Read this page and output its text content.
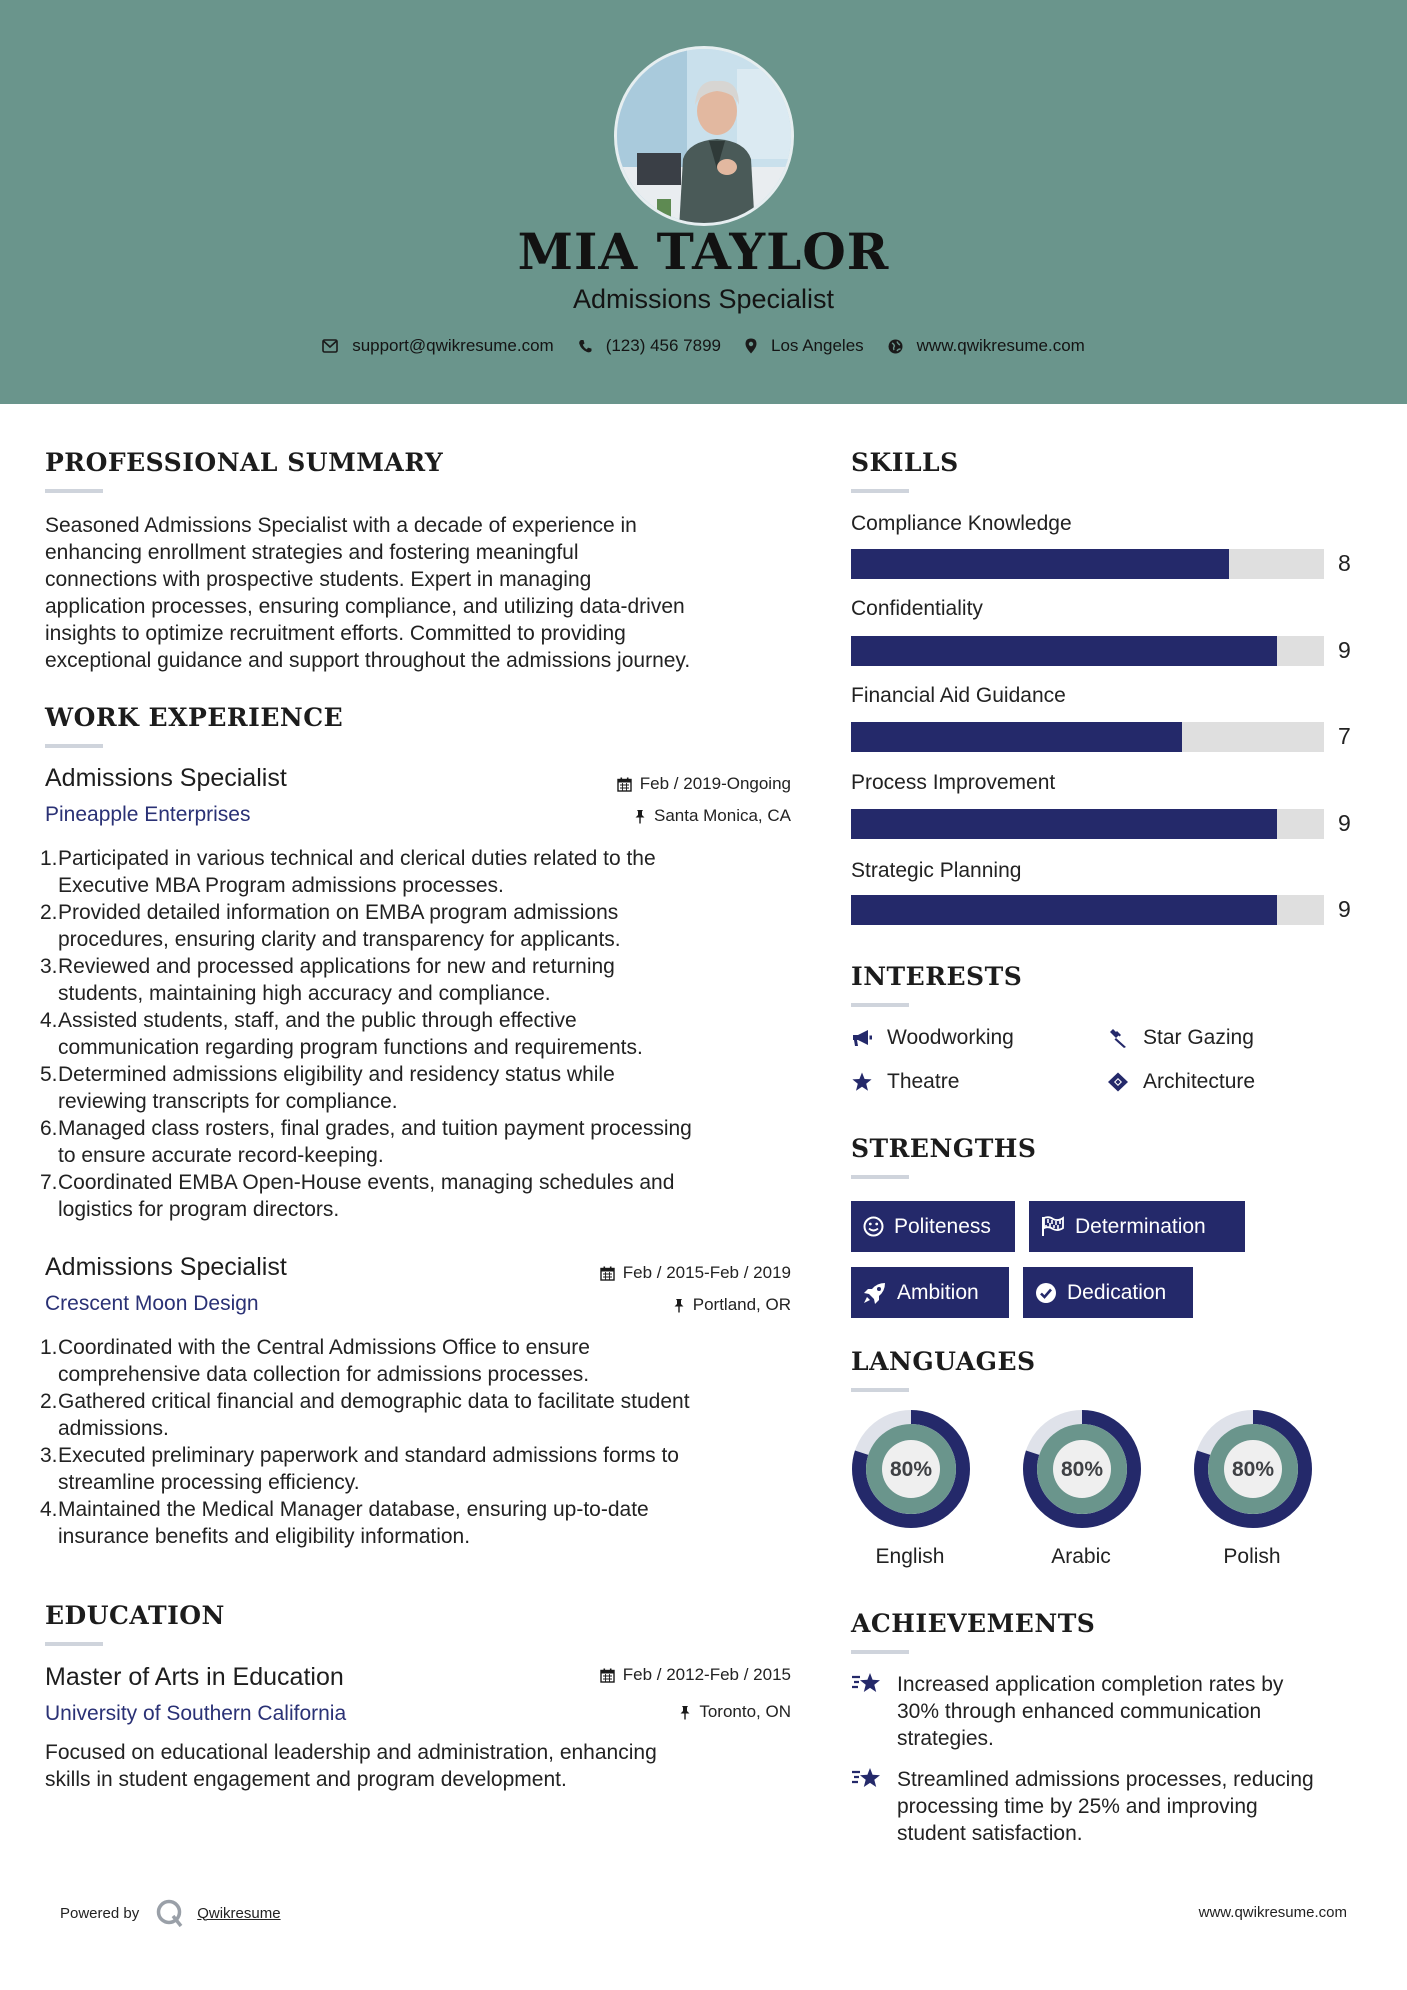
MIA TAYLOR
Admissions Specialist
support@qwikresume.com	(123) 456 7899	Los Angeles	www.qwikresume.com
PROFESSIONAL SUMMARY
Seasoned Admissions Specialist with a decade of experience in
enhancing enrollment strategies and fostering meaningful
connections with prospective students. Expert in managing
application processes, ensuring compliance, and utilizing data-driven
insights to optimize recruitment efforts. Committed to providing
exceptional guidance and support throughout the admissions journey.
WORK EXPERIENCE
Admissions Specialist
Pineapple Enterprises
Feb / 2019-Ongoing
Santa Monica, CA
1. Participated in various technical and clerical duties related to the
Executive MBA Program admissions processes.
2. Provided detailed information on EMBA program admissions
procedures, ensuring clarity and transparency for applicants.
3. Reviewed and processed applications for new and returning
students, maintaining high accuracy and compliance.
4. Assisted students, staff, and the public through effective
communication regarding program functions and requirements.
5. Determined admissions eligibility and residency status while
reviewing transcripts for compliance.
6. Managed class rosters, final grades, and tuition payment processing
to ensure accurate record-keeping.
7. Coordinated EMBA Open-House events, managing schedules and
logistics for program directors.
Admissions Specialist
Crescent Moon Design
Feb / 2015-Feb / 2019
Portland, OR
1. Coordinated with the Central Admissions Office to ensure
comprehensive data collection for admissions processes.
2. Gathered critical financial and demographic data to facilitate student
admissions.
3. Executed preliminary paperwork and standard admissions forms to
streamline processing efficiency.
4. Maintained the Medical Manager database, ensuring up-to-date
insurance benefits and eligibility information.
EDUCATION
Master of Arts in Education
University of Southern California
Feb / 2012-Feb / 2015
Toronto, ON
Focused on educational leadership and administration, enhancing
skills in student engagement and program development.
SKILLS
Compliance Knowledge
8
Confidentiality
9
Financial Aid Guidance
7
Process Improvement
9
Strategic Planning
9
INTERESTS
Woodworking	Star Gazing
Theatre	Architecture
STRENGTHS
Politeness	Determination
Ambition	Dedication
LANGUAGES
80%
English
80%
Arabic
80%
Polish
ACHIEVEMENTS
Increased application completion rates by
30% through enhanced communication
strategies.
Streamlined admissions processes, reducing
processing time by 25% and improving
student satisfaction.
Powered by	Qwikresume	www.qwikresume.com
